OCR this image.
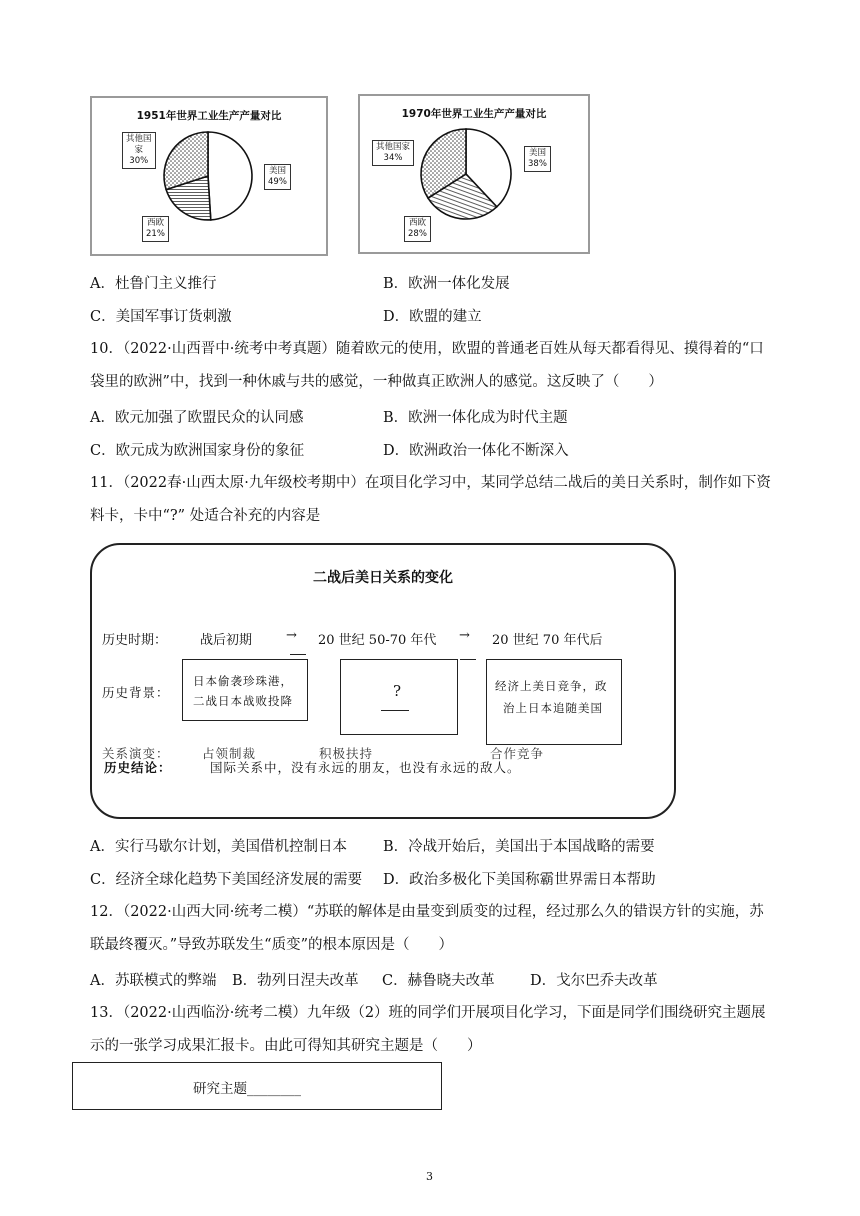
1951年世界工业生产产量对比
美国
49%
西欧
21%
其他国
家
30%
1970年世界工业生产产量对比
美国
38%
西欧
28%
其他国家
34%
A．杜鲁门主义推行	B．欧洲一体化发展
C．美国军事订货刺激	D．欧盟的建立
10．（2022·山西晋中·统考中考真题）随着欧元的使用，欧盟的普通老百姓从每天都看得见、摸得着的“口
袋里的欧洲”中，找到一种休戚与共的感觉，一种做真正欧洲人的感觉。这反映了（　　）
A．欧元加强了欧盟民众的认同感	B．欧洲一体化成为时代主题
C．欧元成为欧洲国家身份的象征	D．欧洲政治一体化不断深入
11．（2022春·山西太原·九年级校考期中）在项目化学习中，某同学总结二战后的美日关系时，制作如下资
料卡，卡中“?” 处适合补充的内容是
二战后美日关系的变化
历史时期：	战后初期	→ 20 世纪 50-70 年代 → 20 世纪 70 年代后
历史背景：
日本偷袭珍珠港，
二战日本战败投降
?	经济上美日竞争，政
治上日本追随美国
关系演变：	占领制裁	积极扶持	合作竞争
历史结论：	国际关系中，没有永远的朋友，也没有永远的敌人。
A．实行马歇尔计划，美国借机控制日本 B．冷战开始后，美国出于本国战略的需要
C．经济全球化趋势下美国经济发展的需要 D．政治多极化下美国称霸世界需日本帮助
12．（2022·山西大同·统考二模）“苏联的解体是由量变到质变的过程，经过那么久的错误方针的实施，苏
联最终覆灭。”导致苏联发生“质变”的根本原因是（　　）
A．苏联模式的弊端 B．勃列日涅夫改革 C．赫鲁晓夫改革 D．戈尔巴乔夫改革
13．（2022·山西临汾·统考二模）九年级（2）班的同学们开展项目化学习，下面是同学们围绕研究主题展
示的一张学习成果汇报卡。由此可得知其研究主题是（　　）
研究主题________
3
